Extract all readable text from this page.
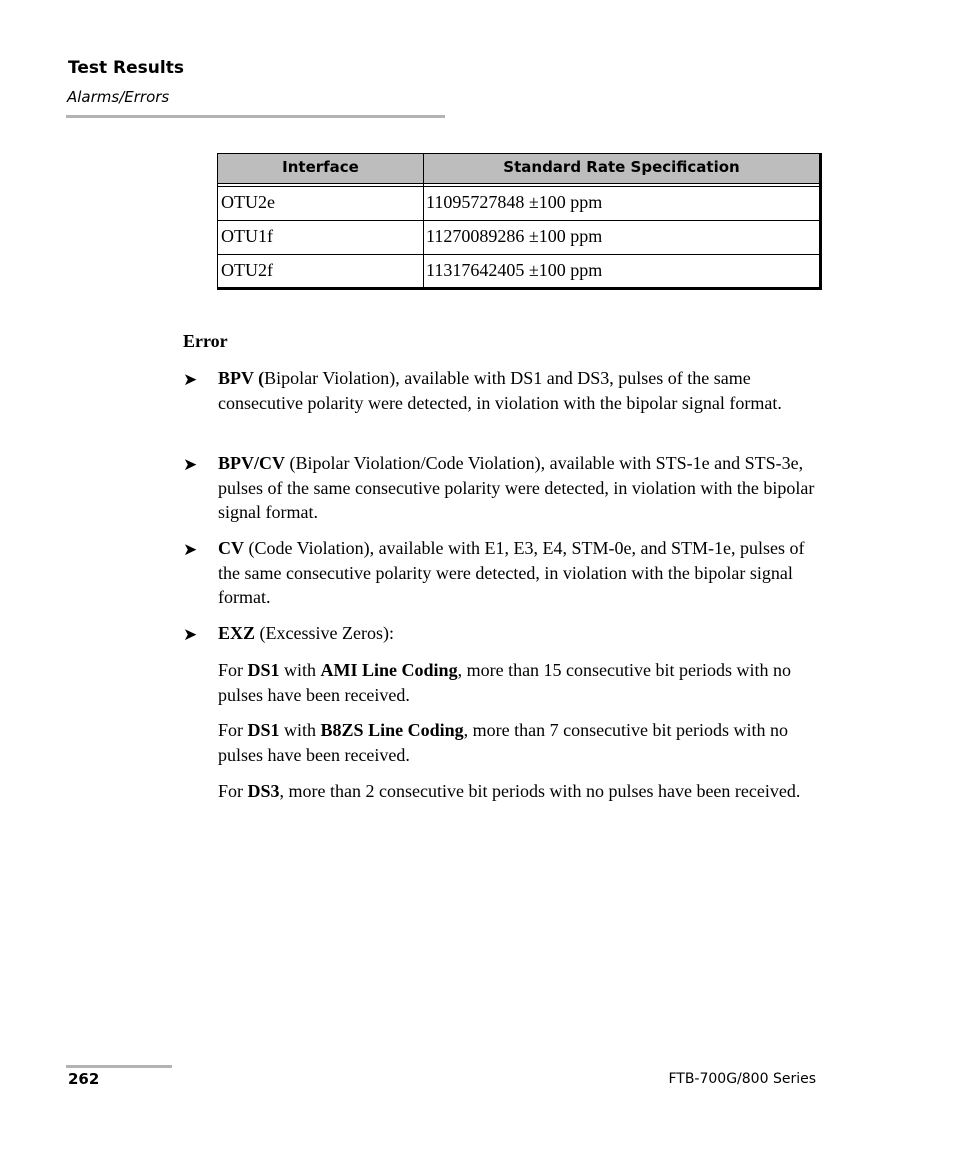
Test Results
Alarms/Errors
Interface	Standard Rate Specification
OTU2e	11095727848 ±100 ppm
OTU1f	11270089286 ±100 ppm
OTU2f	11317642405 ±100 ppm
Error
➤ BPV (Bipolar Violation), available with DS1 and DS3, pulses of the same consecutive polarity were detected, in violation with the bipolar signal format.
➤ BPV/CV (Bipolar Violation/Code Violation), available with STS-1e and STS-3e, pulses of the same consecutive polarity were detected, in violation with the bipolar signal format.
➤ CV (Code Violation), available with E1, E3, E4, STM-0e, and STM-1e, pulses of the same consecutive polarity were detected, in violation with the bipolar signal format.
➤ EXZ (Excessive Zeros):
For DS1 with AMI Line Coding, more than 15 consecutive bit periods with no pulses have been received.
For DS1 with B8ZS Line Coding, more than 7 consecutive bit periods with no pulses have been received.
For DS3, more than 2 consecutive bit periods with no pulses have been received.
262	FTB-700G/800 Series
